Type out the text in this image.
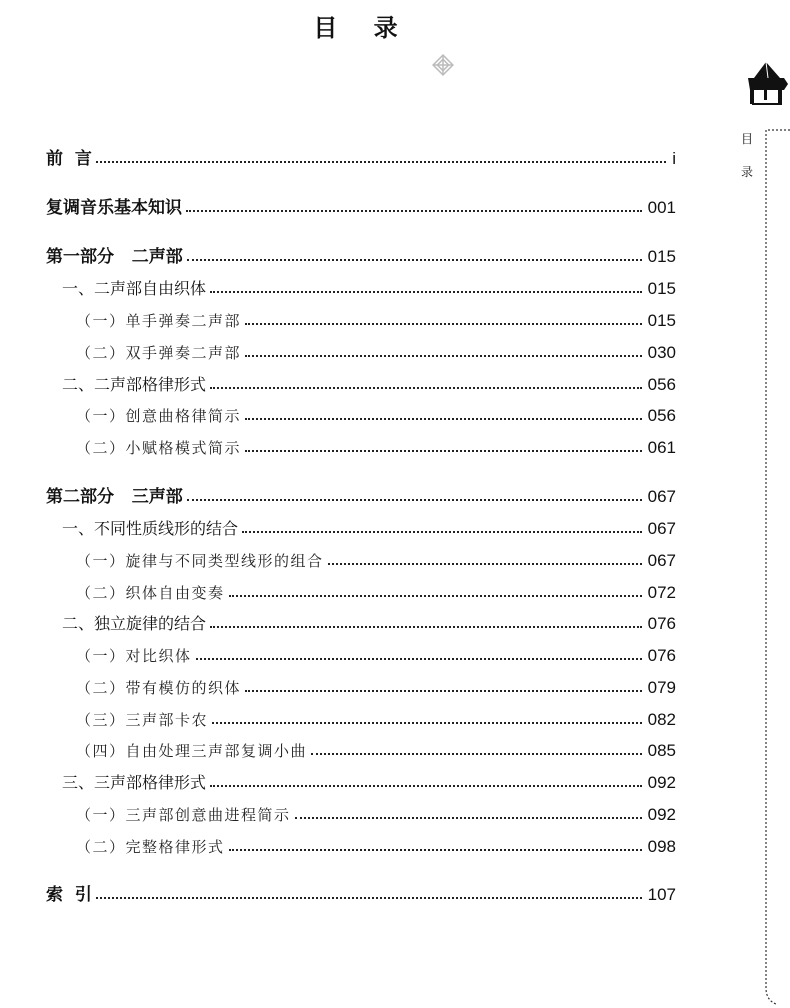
目 录
目
录
前  言	i
复调音乐基本知识	001
第一部分   二声部	015
一、二声部自由织体	015
（一）单手弹奏二声部	015
（二）双手弹奏二声部	030
二、二声部格律形式	056
（一）创意曲格律简示	056
（二）小赋格模式简示	061
第二部分   三声部	067
一、不同性质线形的结合	067
（一）旋律与不同类型线形的组合	067
（二）织体自由变奏	072
二、独立旋律的结合	076
（一）对比织体	076
（二）带有模仿的织体	079
（三）三声部卡农	082
（四）自由处理三声部复调小曲	085
三、三声部格律形式	092
（一）三声部创意曲进程简示	092
（二）完整格律形式	098
索  引	107
